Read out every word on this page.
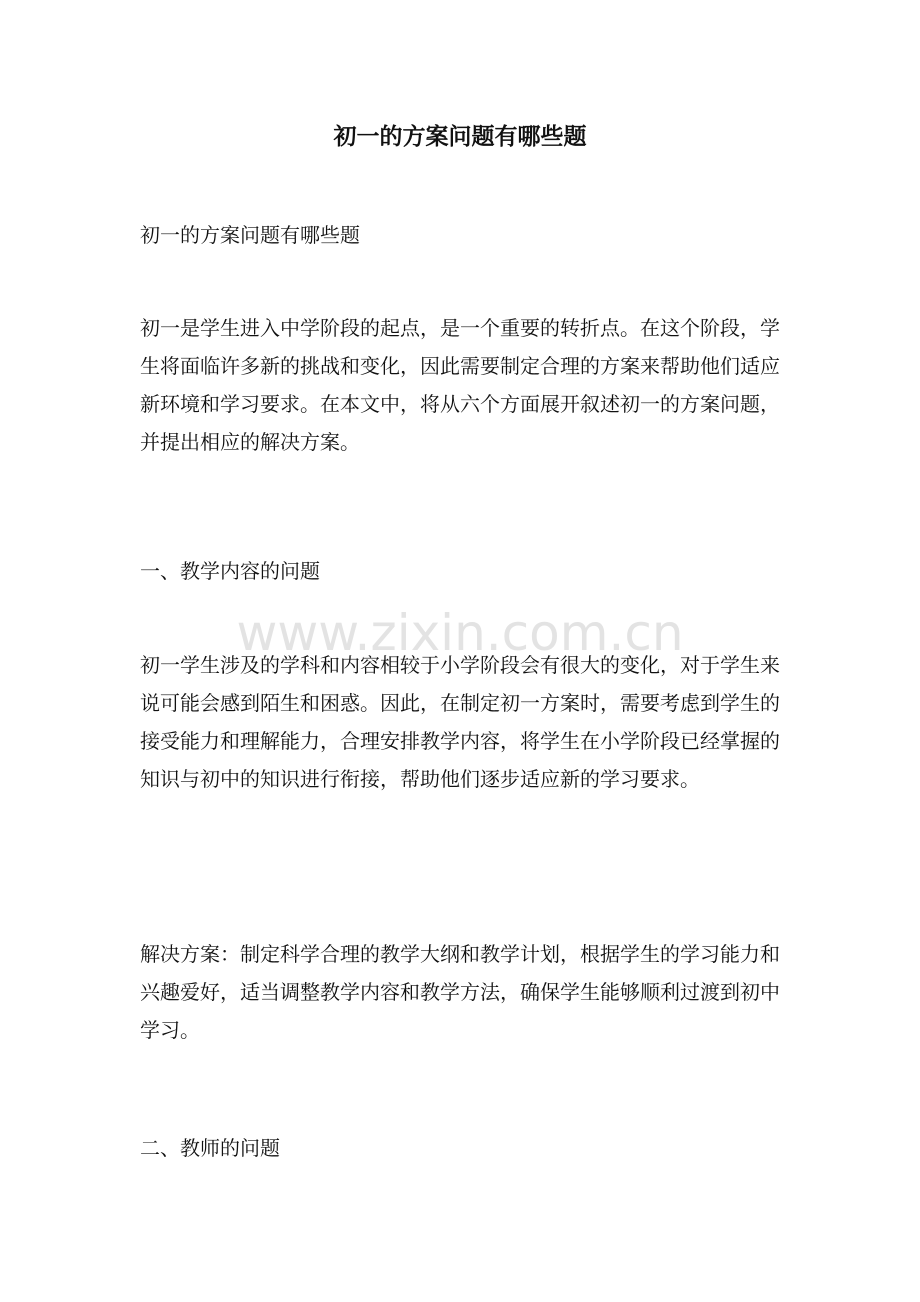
初一的方案问题有哪些题

初一的方案问题有哪些题

初一是学生进入中学阶段的起点，是一个重要的转折点。在这个阶段，学生将面临许多新的挑战和变化，因此需要制定合理的方案来帮助他们适应新环境和学习要求。在本文中，将从六个方面展开叙述初一的方案问题，并提出相应的解决方案。

一、教学内容的问题

www.zixin.com.cn

初一学生涉及的学科和内容相较于小学阶段会有很大的变化，对于学生来说可能会感到陌生和困惑。因此，在制定初一方案时，需要考虑到学生的接受能力和理解能力，合理安排教学内容，将学生在小学阶段已经掌握的知识与初中的知识进行衔接，帮助他们逐步适应新的学习要求。

解决方案：制定科学合理的教学大纲和教学计划，根据学生的学习能力和兴趣爱好，适当调整教学内容和教学方法，确保学生能够顺利过渡到初中学习。

二、教师的问题
